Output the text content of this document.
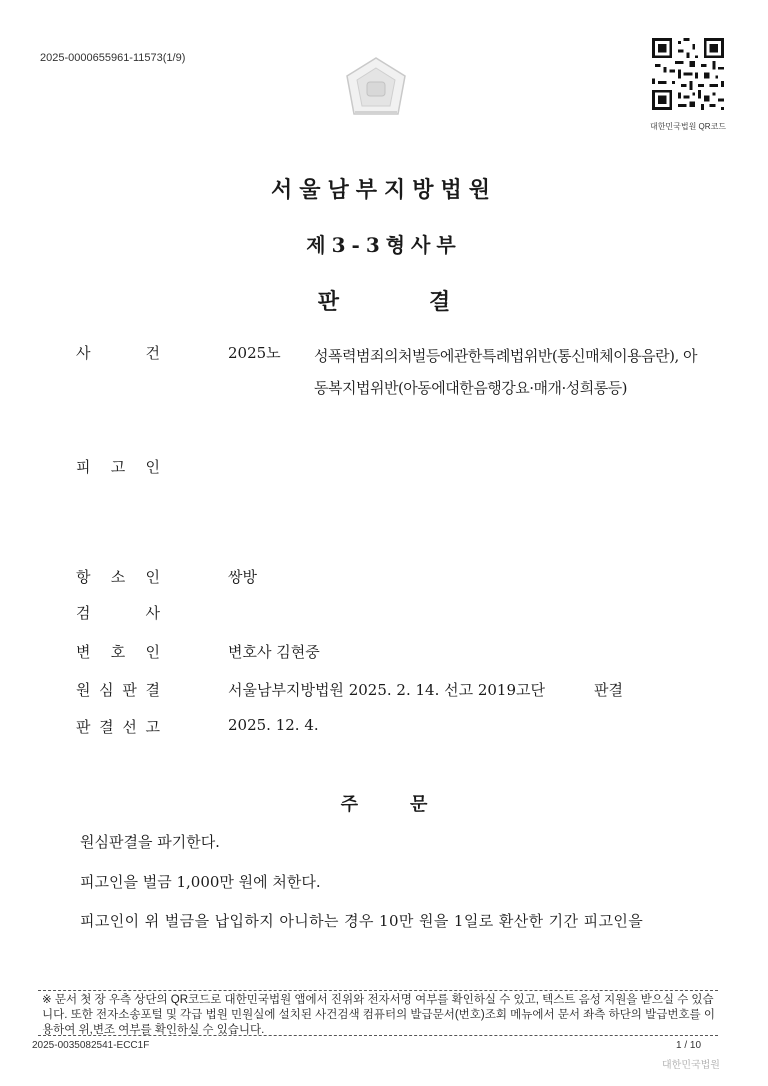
2025-0000655961-11573(1/9)
대한민국법원 QR코드
서울남부지방법원
제3-3형사부
판	결
사	건	2025노 성폭력범죄의처벌등에관한특례법위반(통신매체이용음란), 아동복지법위반(아동에대한음행강요·매개·성희롱등)
피 고 인
항 소 인	쌍방
검	사
변 호 인	변호사 김현중
원 심 판 결	서울남부지방법원 2025. 2. 14. 선고 2019고단	판결
판 결 선 고	2025. 12. 4.
주	문
원심판결을 파기한다.
피고인을 벌금 1,000만 원에 처한다.
피고인이 위 벌금을 납입하지 아니하는 경우 10만 원을 1일로 환산한 기간 피고인을
※ 문서 첫 장 우측 상단의 QR코드로 대한민국법원 앱에서 진위와 전자서명 여부를 확인하실 수 있고, 텍스트 음성 지원을 받으실 수 있습니다. 또한 전자소송포털 및 각급 법원 민원실에 설치된 사건검색 컴퓨터의 발급문서(번호)조회 메뉴에서 문서 좌측 하단의 발급번호를 이용하여 위,변조 여부를 확인하실 수 있습니다.
2025-0035082541-ECC1F	1 / 10
대한민국법원
